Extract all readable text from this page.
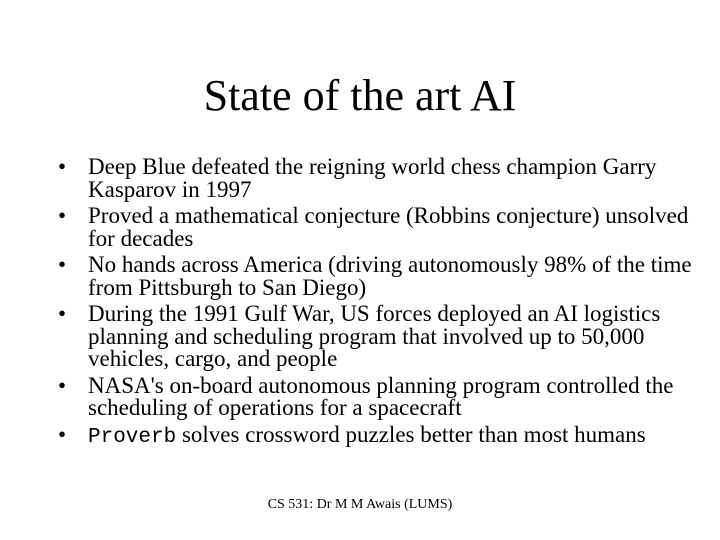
State of the art AI
• Deep Blue defeated the reigning world chess champion Garry Kasparov in 1997
• Proved a mathematical conjecture (Robbins conjecture) unsolved for decades
• No hands across America (driving autonomously 98% of the time from Pittsburgh to San Diego)
• During the 1991 Gulf War, US forces deployed an AI logistics planning and scheduling program that involved up to 50,000 vehicles, cargo, and people
• NASA's on-board autonomous planning program controlled the scheduling of operations for a spacecraft
•	Proverb solves crossword puzzles better than most humans
CS 531: Dr M M Awais (LUMS)
